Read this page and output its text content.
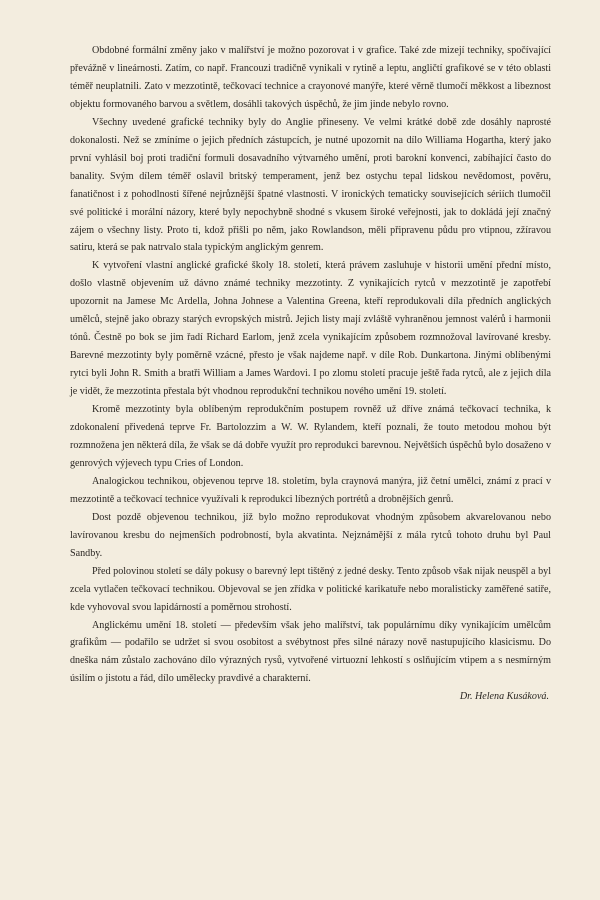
Obdobné formální změny jako v malířství je možno pozorovat i v grafice. Také zde mizejí techniky, spočívající převážně v lineárnosti. Zatím, co např. Francouzi tradičně vynikali v rytině a leptu, angličtí grafikové se v této oblasti téměř neuplatnili. Zato v mezzotintě, tečkovací technice a crayonové manýře, které věrně tlumočí měkkost a libeznost objektu formovaného barvou a světlem, dosáhli takových úspěchů, že jim jinde nebylo rovno.

Všechny uvedené grafické techniky byly do Anglie přineseny. Ve velmi krátké době zde dosáhly naprosté dokonalosti. Než se zmíníme o jejich předních zástupcích, je nutné upozornit na dílo Williama Hogartha, který jako první vyhlásil boj proti tradiční formuli dosavadního výtvarného umění, proti barokní konvenci, zabíhající často do banality. Svým dílem téměř oslavil britský temperament, jenž bez ostychu tepal lidskou nevědomost, pověru, fanatičnost i z pohodlnosti šířené nejrůznější špatné vlastnosti. V ironických tematicky souvisejících sériích tlumočil své politické i morální názory, které byly nepochybně shodné s vkusem široké veřejnosti, jak to dokládá její značný zájem o všechny listy. Proto ti, kdož přišli po něm, jako Rowlandson, měli připravenu půdu pro vtipnou, zžíravou satiru, která se pak natrvalo stala typickým anglickým genrem.

K vytvoření vlastní anglické grafické školy 18. století, která právem zasluhuje v historii umění přední místo, došlo vlastně objevením už dávno známé techniky mezzotinty. Z vynikajících rytců v mezzotintě je zapotřebí upozornit na Jamese Mc Ardella, Johna Johnese a Valentina Greena, kteří reprodukovali díla předních anglických umělců, stejně jako obrazy starých evropských mistrů. Jejich listy mají zvláště vyhraněnou jemnost valérů i harmonii tónů. Čestně po bok se jim řadí Richard Earlom, jenž zcela vynikajícím způsobem rozmnožoval lavírované kresby. Barevné mezzotinty byly poměrně vzácné, přesto je však najdeme např. v díle Rob. Dunkartona. Jinými oblíbenými rytci byli John R. Smith a bratři William a James Wardovi. I po zlomu století pracuje ještě řada rytců, ale z jejich díla je vidět, že mezzotinta přestala být vhodnou reprodukční technikou nového umění 19. století.

Kromě mezzotinty byla oblíbeným reprodukčním postupem rovněž už dříve známá tečkovací technika, k zdokonalení přivedená teprve Fr. Bartolozzim a W. W. Rylandem, kteří poznali, že touto metodou mohou být rozmnožena jen některá díla, že však se dá dobře využít pro reprodukci barevnou. Největších úspěchů bylo dosaženo v genrových výjevech typu Cries of London.

Analogickou technikou, objevenou teprve 18. stoletím, byla craynová manýra, již četní umělci, známí z prací v mezzotintě a tečkovací technice využívali k reprodukci líbezných portrétů a drobnějších genrů.

Dost pozdě objevenou technikou, jíž bylo možno reprodukovat vhodným způsobem akvarelovanou nebo lavírovanou kresbu do nejmenších podrobností, byla akvatinta. Nejznámější z mála rytců tohoto druhu byl Paul Sandby.

Před polovinou století se dály pokusy o barevný lept tištěný z jedné desky. Tento způsob však nijak neuspěl a byl zcela vytlačen tečkovací technikou. Objevoval se jen zřídka v politické karikatuře nebo moralisticky zaměřené satiře, kde vyhovoval svou lapidárností a poměrnou strohostí.

Anglickému umění 18. století — především však jeho malířství, tak populárnímu díky vynikajícím umělcům grafikům — podařilo se udržet si svou osobitost a svébytnost přes silné nárazy nově nastupujícího klasicismu. Do dneška nám zůstalo zachováno dílo výrazných rysů, vytvořené virtuozní lehkostí s oslňujícím vtipem a s nesmírným úsilím o jistotu a řád, dílo umělecky pravdivé a charakterní.

Dr. Helena Kusáková.
